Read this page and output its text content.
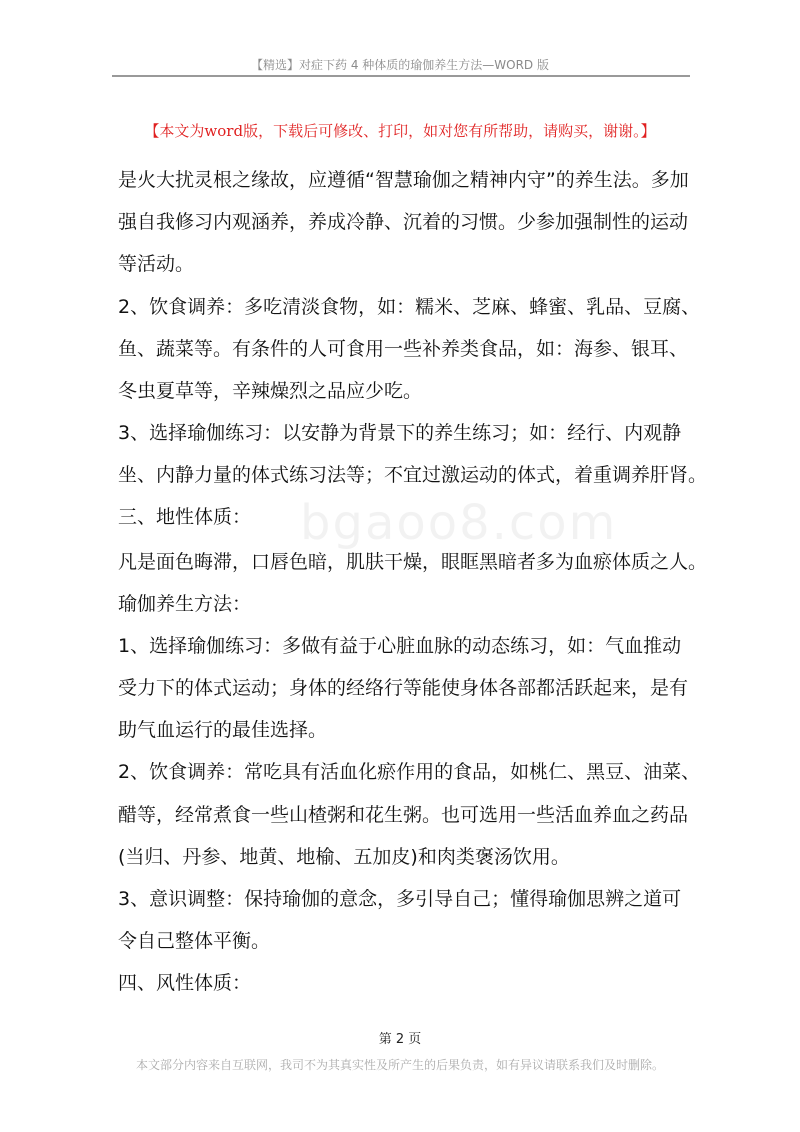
【精选】对症下药 4 种体质的瑜伽养生方法—WORD 版
【本文为word版，下载后可修改、打印，如对您有所帮助，请购买，谢谢。】
bgaoo8.com
是火大扰灵根之缘故，应遵循“智慧瑜伽之精神内守”的养生法。多加
强自我修习内观涵养，养成冷静、沉着的习惯。少参加强制性的运动
等活动。
2、饮食调养：多吃清淡食物，如：糯米、芝麻、蜂蜜、乳品、豆腐、
鱼、蔬菜等。有条件的人可食用一些补养类食品，如：海参、银耳、
冬虫夏草等，辛辣燥烈之品应少吃。
3、选择瑜伽练习：以安静为背景下的养生练习；如：经行、内观静
坐、内静力量的体式练习法等；不宜过激运动的体式，着重调养肝肾。
三、地性体质：
凡是面色晦滞，口唇色暗，肌肤干燥，眼眶黑暗者多为血瘀体质之人。
瑜伽养生方法：
1、选择瑜伽练习：多做有益于心脏血脉的动态练习，如：气血推动
受力下的体式运动；身体的经络行等能使身体各部都活跃起来，是有
助气血运行的最佳选择。
2、饮食调养：常吃具有活血化瘀作用的食品，如桃仁、黑豆、油菜、
醋等，经常煮食一些山楂粥和花生粥。也可选用一些活血养血之药品
(当归、丹参、地黄、地榆、五加皮)和肉类褒汤饮用。
3、意识调整：保持瑜伽的意念，多引导自己；懂得瑜伽思辨之道可
令自己整体平衡。
四、风性体质：
第 2 页
本文部分内容来自互联网，我司不为其真实性及所产生的后果负责，如有异议请联系我们及时删除。
